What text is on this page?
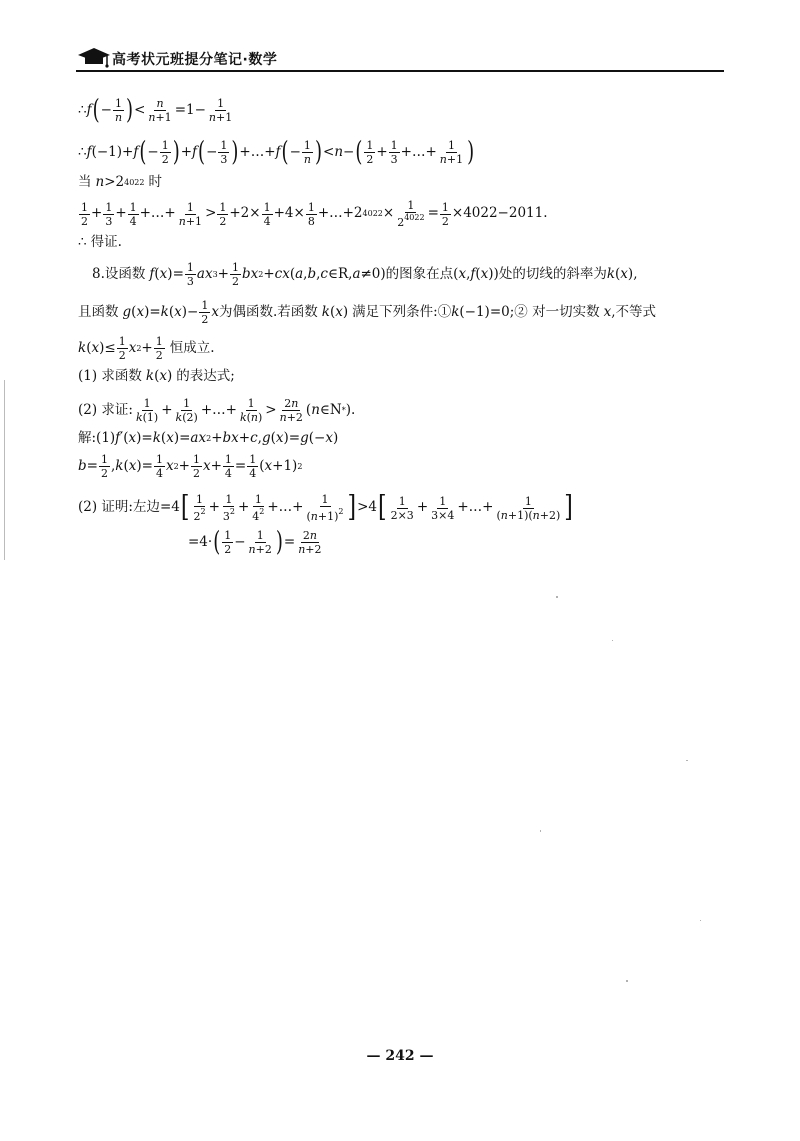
高考状元班提分笔记·数学
∴ f ( − $\frac{1}{n}$ ) < $\frac{n}{n+1} =1- \frac{1}{n+1}$
∴ f (−1)+ f ( − $\frac{1}{2}$ ) + f ( − $\frac{1}{3}$ ) +…+ f ( − $\frac{1}{n}$ ) < n − ( $\frac{1}{2} + \frac{1}{3}$ +…+ $\frac{1}{n+1}$ )
当 n >2 4022 时
$\frac{1}{2} + \frac{1}{3} + \frac{1}{4}$ +…+ $\frac{1}{n+1} > \frac{1}{2} +2\times \frac{1}{4} +4\times \frac{1}{8}$ +…+2 $4022 \times \frac{1}{2^{4022}} = \frac{1}{2} \times 4022 - 2011$ .
∴ 得证.
8. 设函数 f ( x )= $\frac{1}{3}$ ax $3 + \frac{1}{2}$ bx 2 + cx ( a , b , c ∈R, a ≠0) 的图象在点 ( x , f ( x )) 处的切线的斜率为 k ( x ),
且函数 g ( x )= k ( x )− $\frac{1}{2}$ x 为偶函数.若函数 k ( x ) 满足下列条件:① k (−1)=0 ;② 对一切实数 x ,不等式
k ( x )≤ $\frac{1}{2}$ x $2 + \frac{1}{2}$ 恒成立.
(1) 求函数 k ( x ) 的表达式;
(2) 求证: $\frac{1}{k(1)} + \frac{1}{k(2)}$ +…+ $\frac{1}{k(n)} > \frac{2n}{n+2}$ ( n ∈N * ).
解:(1) f ′( x )= k ( x )= ax 2 + bx + c , g ( x )= g (− x )
$b = \frac{1}{2}$ , k ( x )= $\frac{1}{4}$ x $2 + \frac{1}{2}$ $x + \frac{1}{4} = \frac{1}{4}$ ( x +1) 2
(2) 证明:左边 =4 [ $\frac{1}{2^2} + \frac{1}{3^2} + \frac{1}{4^2}$ +…+ $\frac{1}{(n+1)^2}$ ] >4 [ $\frac{1}{2\times 3} + \frac{1}{3\times 4}$ +…+ $\frac{1}{(n+1)(n+2)}$ ]
=4· ( $\frac{1}{2} - \frac{1}{n+2}$ ) = $\frac{2n}{n+2}$
— 242 —
